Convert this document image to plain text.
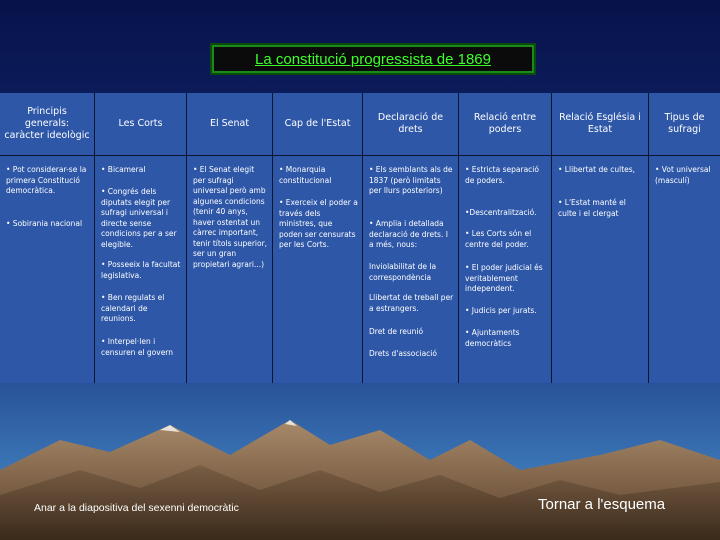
La constitució progressista de 1869
Principis generals: caràcter ideològic
• Pot considerar-se la primera Constitució democràtica.
• Sobirania nacional
Les Corts
• Bicameral
• Congrés dels diputats elegit per sufragi universal i directe sense condicions per a ser elegible.
• Posseeix la facultat legislativa.
• Ben regulats el calendari de reunions.
• Interpel·len i censuren el govern
El Senat
• El Senat elegit per sufragi universal però amb algunes condicions (tenir 40 anys, haver ostentat un càrrec important, tenir títols superior, ser un gran propietari agrari...)
Cap de l'Estat
• Monarquia constitucional
• Exerceix el poder a través dels ministres, que poden ser censurats per les Corts.
Declaració de drets
• Els semblants als de 1837 (però limitats per llurs posteriors)
• Amplia i detallada declaració de drets. I a més, nous:
Inviolabilitat de la correspondència
Llibertat de treball per a estrangers.
Dret de reunió
Drets d'associació
Relació entre poders
• Estricta separació de poders.
•Descentralització.
• Les Corts són el centre del poder.
• El poder judicial és veritablement independent.
• Judicis per jurats.
• Ajuntaments democràtics
Relació Església i Estat
• Llibertat de cultes,
• L'Estat manté el culte i el clergat
Tipus de sufragi
• Vot universal (masculí)
Anar a la diapositiva del sexenni democràtic	Tornar a l'esquema
